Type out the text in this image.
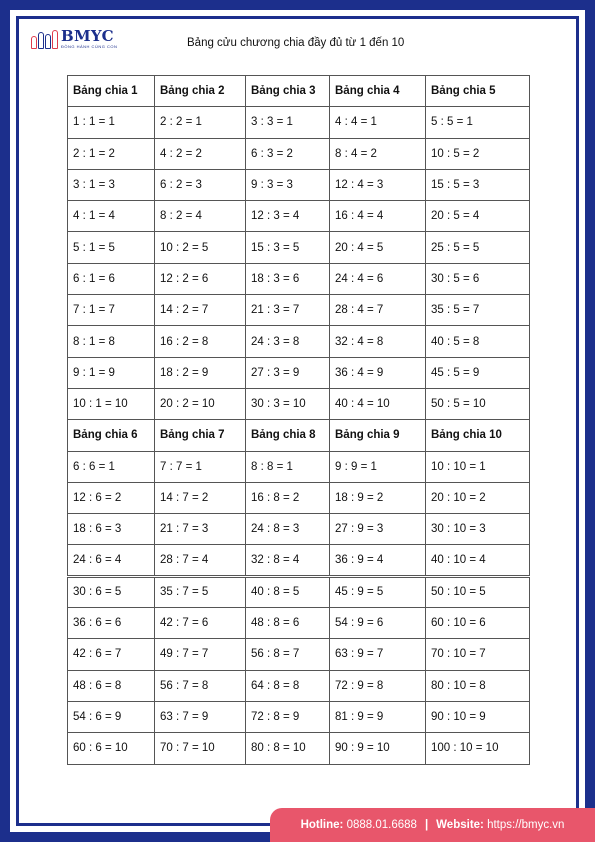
BMYC
ĐỒNG HÀNH CÙNG CON	Bảng cửu chương chia đầy đủ từ 1 đến 10
Bảng chia 1	Bảng chia 2	Bảng chia 3	Bảng chia 4	Bảng chia 5
1 : 1 = 1	2 : 2 = 1	3 : 3 = 1	4 : 4 = 1	5 : 5 = 1
2 : 1 = 2	4 : 2 = 2	6 : 3 = 2	8 : 4 = 2	10 : 5 = 2
3 : 1 = 3	6 : 2 = 3	9 : 3 = 3	12 : 4 = 3	15 : 5 = 3
4 : 1 = 4	8 : 2 = 4	12 : 3 = 4	16 : 4 = 4	20 : 5 = 4
5 : 1 = 5	10 : 2 = 5	15 : 3 = 5	20 : 4 = 5	25 : 5 = 5
6 : 1 = 6	12 : 2 = 6	18 : 3 = 6	24 : 4 = 6	30 : 5 = 6
7 : 1 = 7	14 : 2 = 7	21 : 3 = 7	28 : 4 = 7	35 : 5 = 7
8 : 1 = 8	16 : 2 = 8	24 : 3 = 8	32 : 4 = 8	40 : 5 = 8
9 : 1 = 9	18 : 2 = 9	27 : 3 = 9	36 : 4 = 9	45 : 5 = 9
10 : 1 = 10	20 : 2 = 10	30 : 3 = 10	40 : 4 = 10	50 : 5 = 10
Bảng chia 6	Bảng chia 7	Bảng chia 8	Bảng chia 9	Bảng chia 10
6 : 6 = 1	7 : 7 = 1	8 : 8 = 1	9 : 9 = 1	10 : 10 = 1
12 : 6 = 2	14 : 7 = 2	16 : 8 = 2	18 : 9 = 2	20 : 10 = 2
18 : 6 = 3	21 : 7 = 3	24 : 8 = 3	27 : 9 = 3	30 : 10 = 3
24 : 6 = 4	28 : 7 = 4	32 : 8 = 4	36 : 9 = 4	40 : 10 = 4
30 : 6 = 5	35 : 7 = 5	40 : 8 = 5	45 : 9 = 5	50 : 10 = 5
36 : 6 = 6	42 : 7 = 6	48 : 8 = 6	54 : 9 = 6	60 : 10 = 6
42 : 6 = 7	49 : 7 = 7	56 : 8 = 7	63 : 9 = 7	70 : 10 = 7
48 : 6 = 8	56 : 7 = 8	64 : 8 = 8	72 : 9 = 8	80 : 10 = 8
54 : 6 = 9	63 : 7 = 9	72 : 8 = 9	81 : 9 = 9	90 : 10 = 9
60 : 6 = 10	70 : 7 = 10	80 : 8 = 10	90 : 9 = 10	100 : 10 = 10
Hotline:
0888.01.6688 | Website:
https://bmyc.vn
